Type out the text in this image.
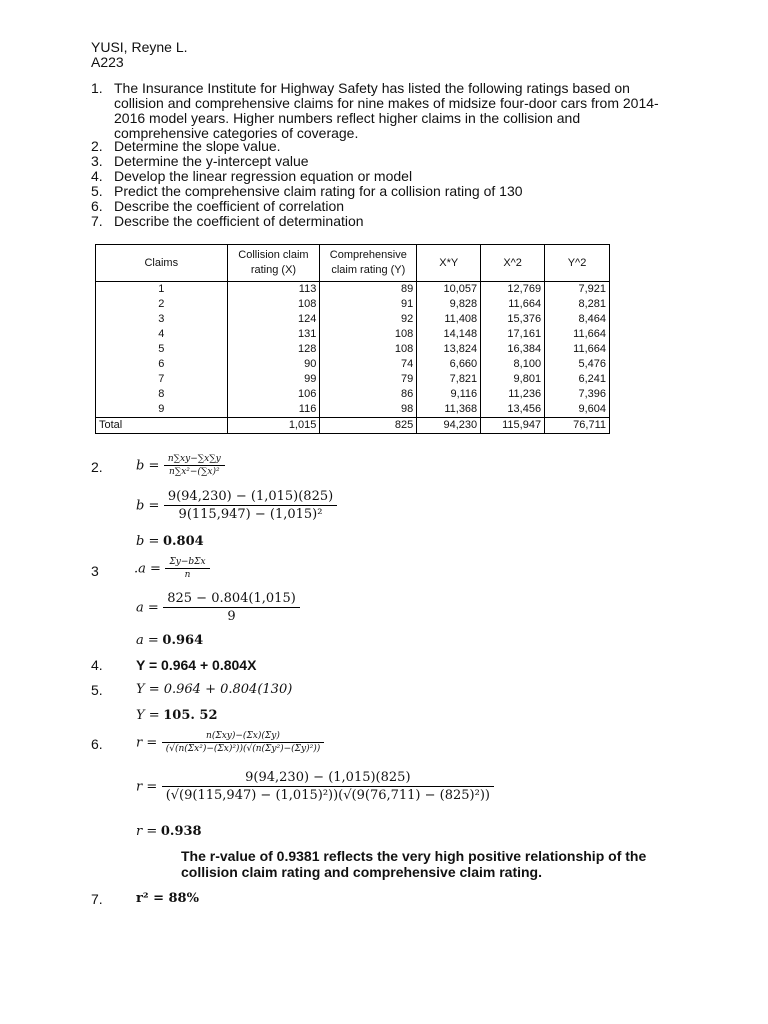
YUSI, Reyne L.
A223
1. The Insurance Institute for Highway Safety has listed the following ratings based on collision and comprehensive claims for nine makes of midsize four-door cars from 2014-2016 model years. Higher numbers reflect higher claims in the collision and comprehensive categories of coverage.
2. Determine the slope value.
3. Determine the y-intercept value
4. Develop the linear regression equation or model
5. Predict the comprehensive claim rating for a collision rating of 130
6. Describe the coefficient of correlation
7. Describe the coefficient of determination
Claims	Collision claim rating (X)	Comprehensive claim rating (Y)	X*Y	X^2	Y^2
1	113	89	10,057	12,769	7,921
2	108	91	9,828	11,664	8,281
3	124	92	11,408	15,376	8,464
4	131	108	14,148	17,161	11,664
5	128	108	13,824	16,384	11,664
6	90	74	6,660	8,100	5,476
7	99	79	7,821	9,801	6,241
8	106	86	9,116	11,236	7,396
9	116	98	11,368	13,456	9,604
Total	1,015	825	94,230	115,947	76,711
2.	$b = \frac{n\sum xy-\sum x\sum y}{\text{n∑x²−(∑x)²}}$
$b = \frac{9(94,230) - (1,015)(825)}{\text{9(115,947) − (1,015)²}}$
b = 0.804
3	$.a = \frac{\text{Σy−bΣx}}{n}$
$a = \frac{825 - 0.804(1,015)}{9}$
a = 0.964
4. Y = 0.964 + 0.804X
5.	Y = 0.964 + 0.804(130)
Y = 105. 52
6.	$r = \frac{\text{n(Σxy)−(Σx)(Σy)}}{\text{(√(n(Σx²)−(Σx)²))(√(n(Σy²)−(Σy)²))}}$
$r = \frac{9(94,230) - (1,015)(825)}{\text{(√(9(115,947) − (1,015)²))(√(9(76,711) − (825)²))}}$
r = 0.938
The r-value of 0.9381 reflects the very high positive relationship of the collision claim rating and comprehensive claim rating.
7.	r² = 88%
